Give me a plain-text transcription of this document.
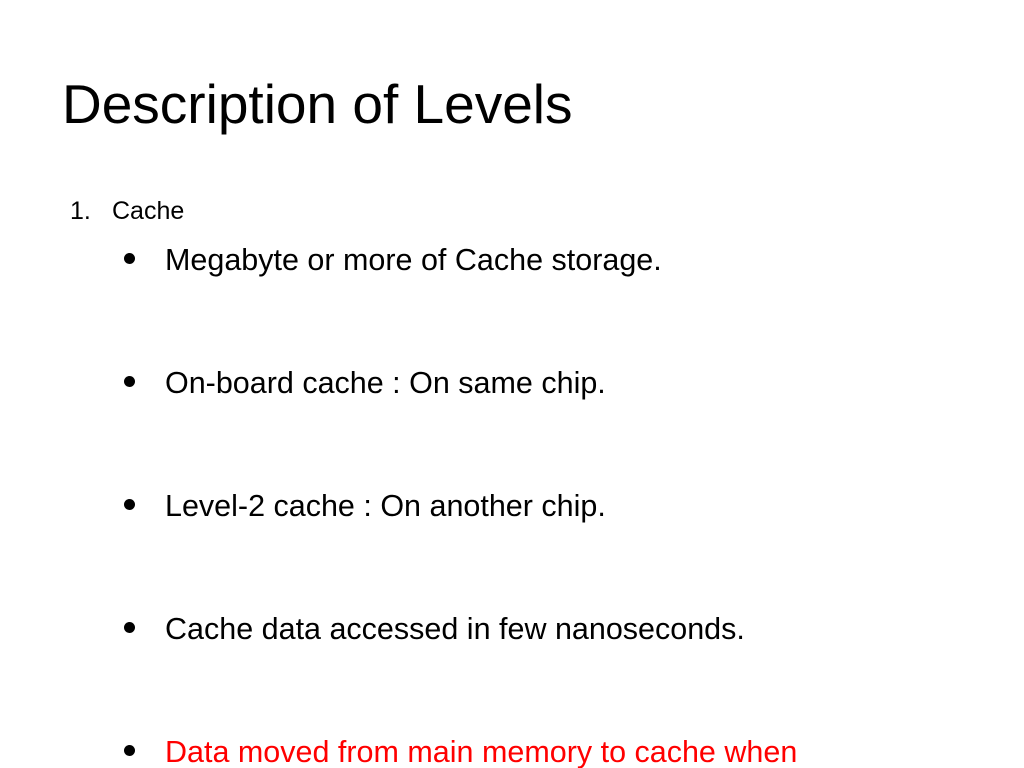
Description of Levels
1. Cache
Megabyte or more of Cache storage.
On-board cache : On same chip.
Level-2 cache : On another chip.
Cache data accessed in few nanoseconds.
Data moved from main memory to cache when
